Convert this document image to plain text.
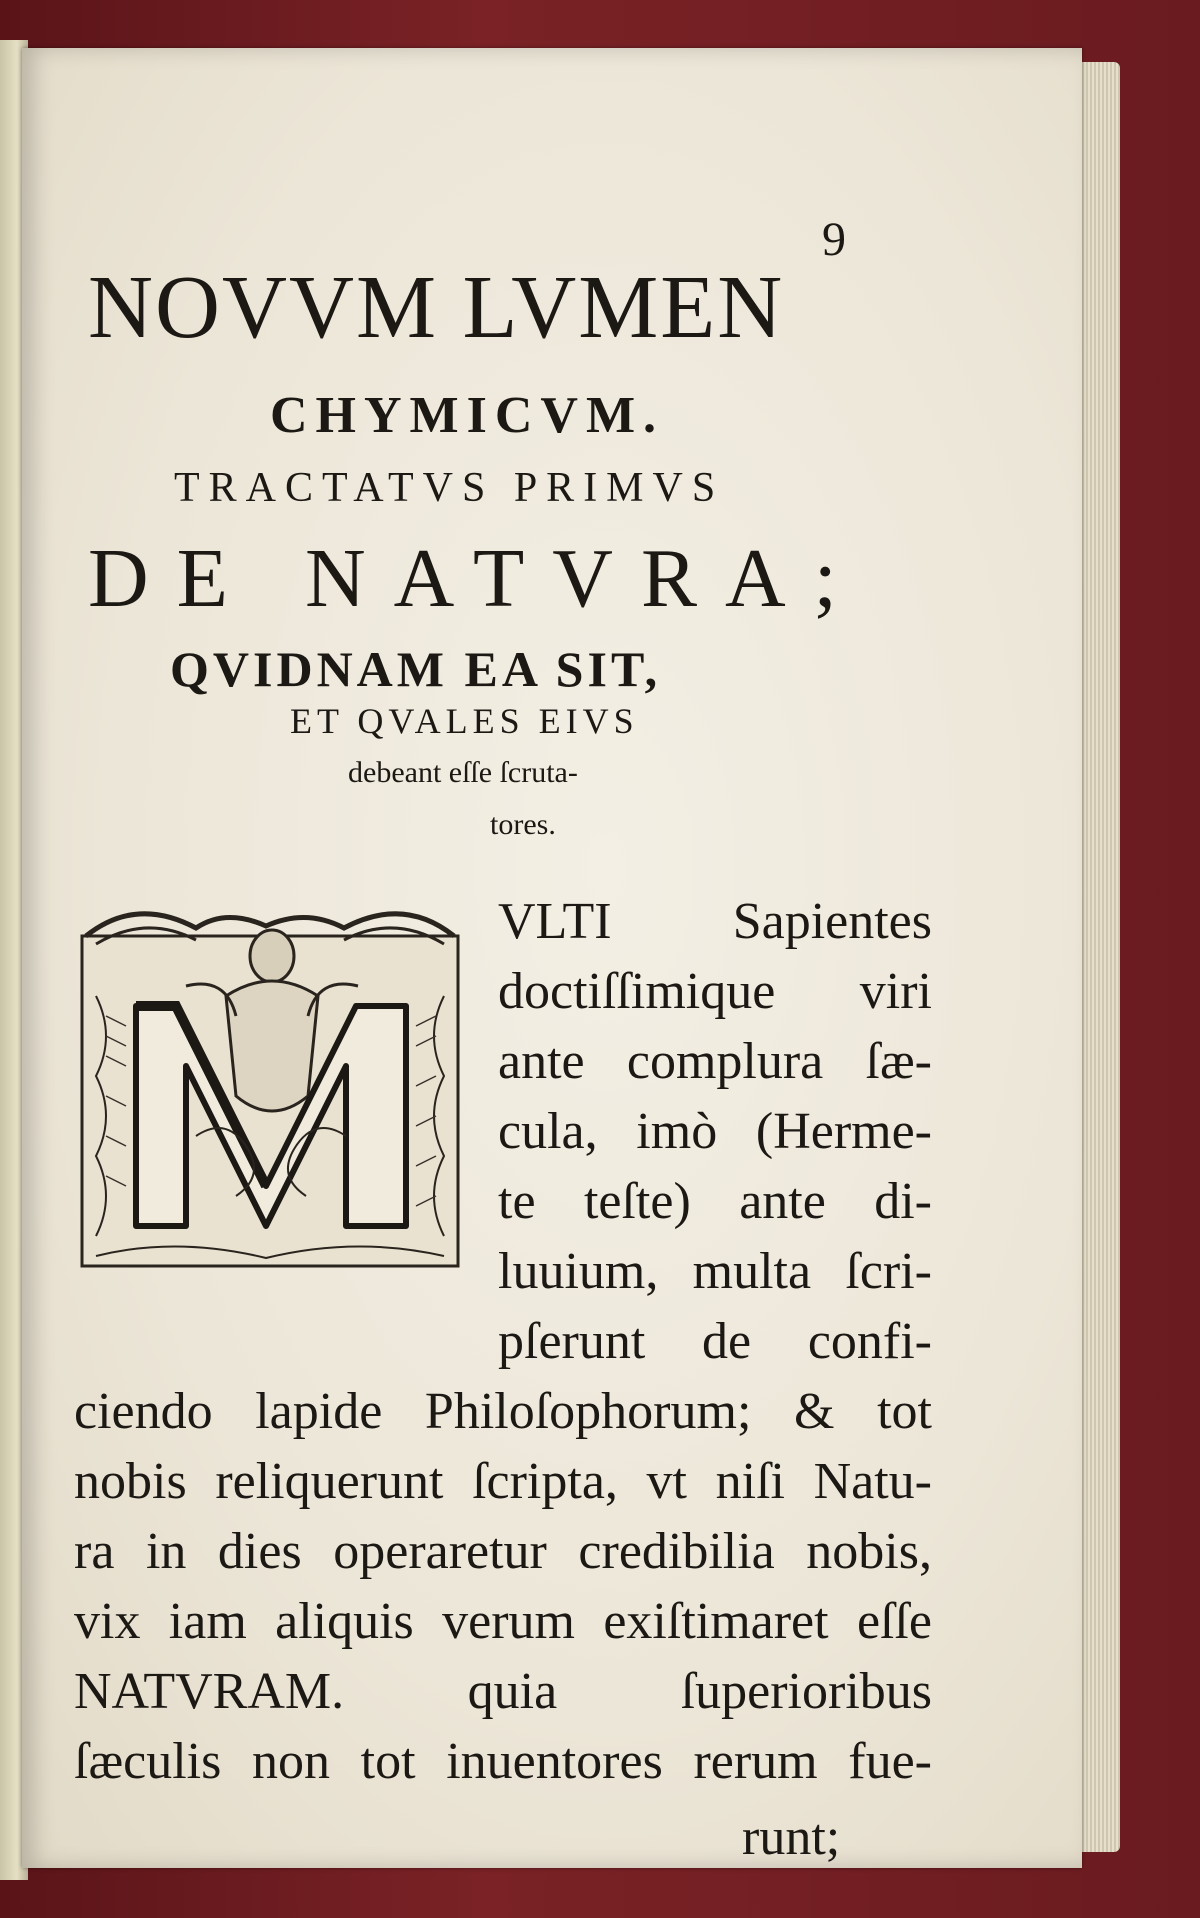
9
NOVVM LVMEN
CHYMICVM.
TRACTATVS PRIMVS
DE NATVRA;
QVIDNAM EA SIT,
ET QVALES EIVS
debeant eſſe ſcruta-
tores.
VLTI Sapientes
doctiſſimique viri
ante complura ſæ-
cula, imò (Herme-
te teſte) ante di-
luuium, multa ſcri-
pſerunt de confi-
ciendo lapide Philoſophorum; & tot
nobis reliquerunt ſcripta, vt niſi Natu-
ra in dies operaretur credibilia nobis,
vix iam aliquis verum exiſtimaret eſſe
NATVRAM. quia ſuperioribus
ſæculis non tot inuentores rerum fue-
runt;
